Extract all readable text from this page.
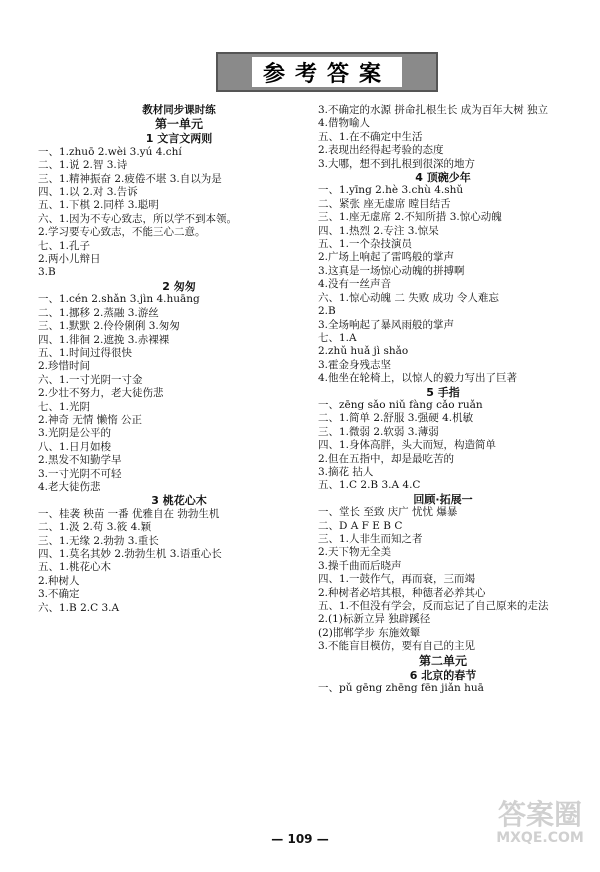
参考答案
教材同步课时练
第一单元
1 文言文两则
一、1.zhuō 2.wèi 3.yú 4.chí
二、1.说 2.智 3.诗
三、1.精神振奋 2.疲倦不堪 3.自以为是
四、1.以 2.对 3.告诉
五、1.下棋 2.同样 3.聪明
六、1.因为不专心致志，所以学不到本领。
2.学习要专心致志，不能三心二意。
七、1.孔子
2.两小儿辩日
3.B
2 匆匆
一、1.cén 2.shǎn 3.jìn 4.huāng
二、1.挪移 2.蒸融 3.游丝
三、1.默默 2.伶伶俐俐 3.匆匆
四、1.徘徊 2.遮挽 3.赤裸裸
五、1.时间过得很快
2.珍惜时间
六、1.一寸光阴一寸金
2.少壮不努力，老大徒伤悲
七、1.光阴
2.神奇 无情 懒惰 公正
3.光阴是公平的
八、1.日月如梭
2.黑发不知勤学早
3.一寸光阴不可轻
4.老大徒伤悲
3 桃花心木
一、桂袭 秧苗 一番 优雅自在 勃勃生机
二、1.汲 2.苟 3.筱 4.颖
三、1.无缘 2.勃勃 3.重长
四、1.莫名其妙 2.勃勃生机 3.语重心长
五、1.桃花心木
2.种树人
3.不确定
六、1.B 2.C 3.A
3.不确定的水源 拼命扎根生长 成为百年大树 独立
4.借物喻人
五、1.在不确定中生活
2.表现出经得起考验的态度
3.大哪，想不到扎根到很深的地方
4 顶碗少年
一、1.yīng 2.hè 3.chù 4.shǔ
二、紧张 座无虚席 瞠目结舌
三、1.座无虚席 2.不知所措 3.惊心动魄
四、1.热烈 2.专注 3.惊呆
五、1.一个杂技演员
2.广场上响起了雷鸣般的掌声
3.这真是一场惊心动魄的拼搏啊
4.没有一丝声音
六、1.惊心动魄 二 失败 成功 令人难忘
2.B
3.全场响起了暴风雨般的掌声
七、1.A
2.zhǔ huǎ jì shǎo
3.霍金身残志坚
4.他坐在轮椅上，以惊人的毅力写出了巨著
5 手指
一、zēng sǎo niǔ fàng cǎo ruǎn
二、1.简单 2.舒服 3.强硬 4.机敏
三、1.微弱 2.软弱 3.薄弱
四、1.身体高胖，头大而短，构造简单
2.但在五指中，却是最吃苦的
3.摘花 拈人
五、1.C 2.B 3.A 4.C
回顾·拓展一
一、堂长 至致 庆广 忧忧 爆暴
二、D A F E B C
三、1.人非生而知之者
2.天下物无全美
3.操千曲而后晓声
四、1.一鼓作气，再而衰，三而竭
2.种树者必培其根，种德者必养其心
五、1.不但没有学会，反而忘记了自己原来的走法
2.(1)标新立异 独辟蹊径
(2)邯郸学步 东施效颦
3.不能盲目模仿，要有自己的主见
第二单元
6 北京的春节
一、pǔ gēng zhēng fēn jiǎn huā
— 109 —
答案圈
MXQE.COM
